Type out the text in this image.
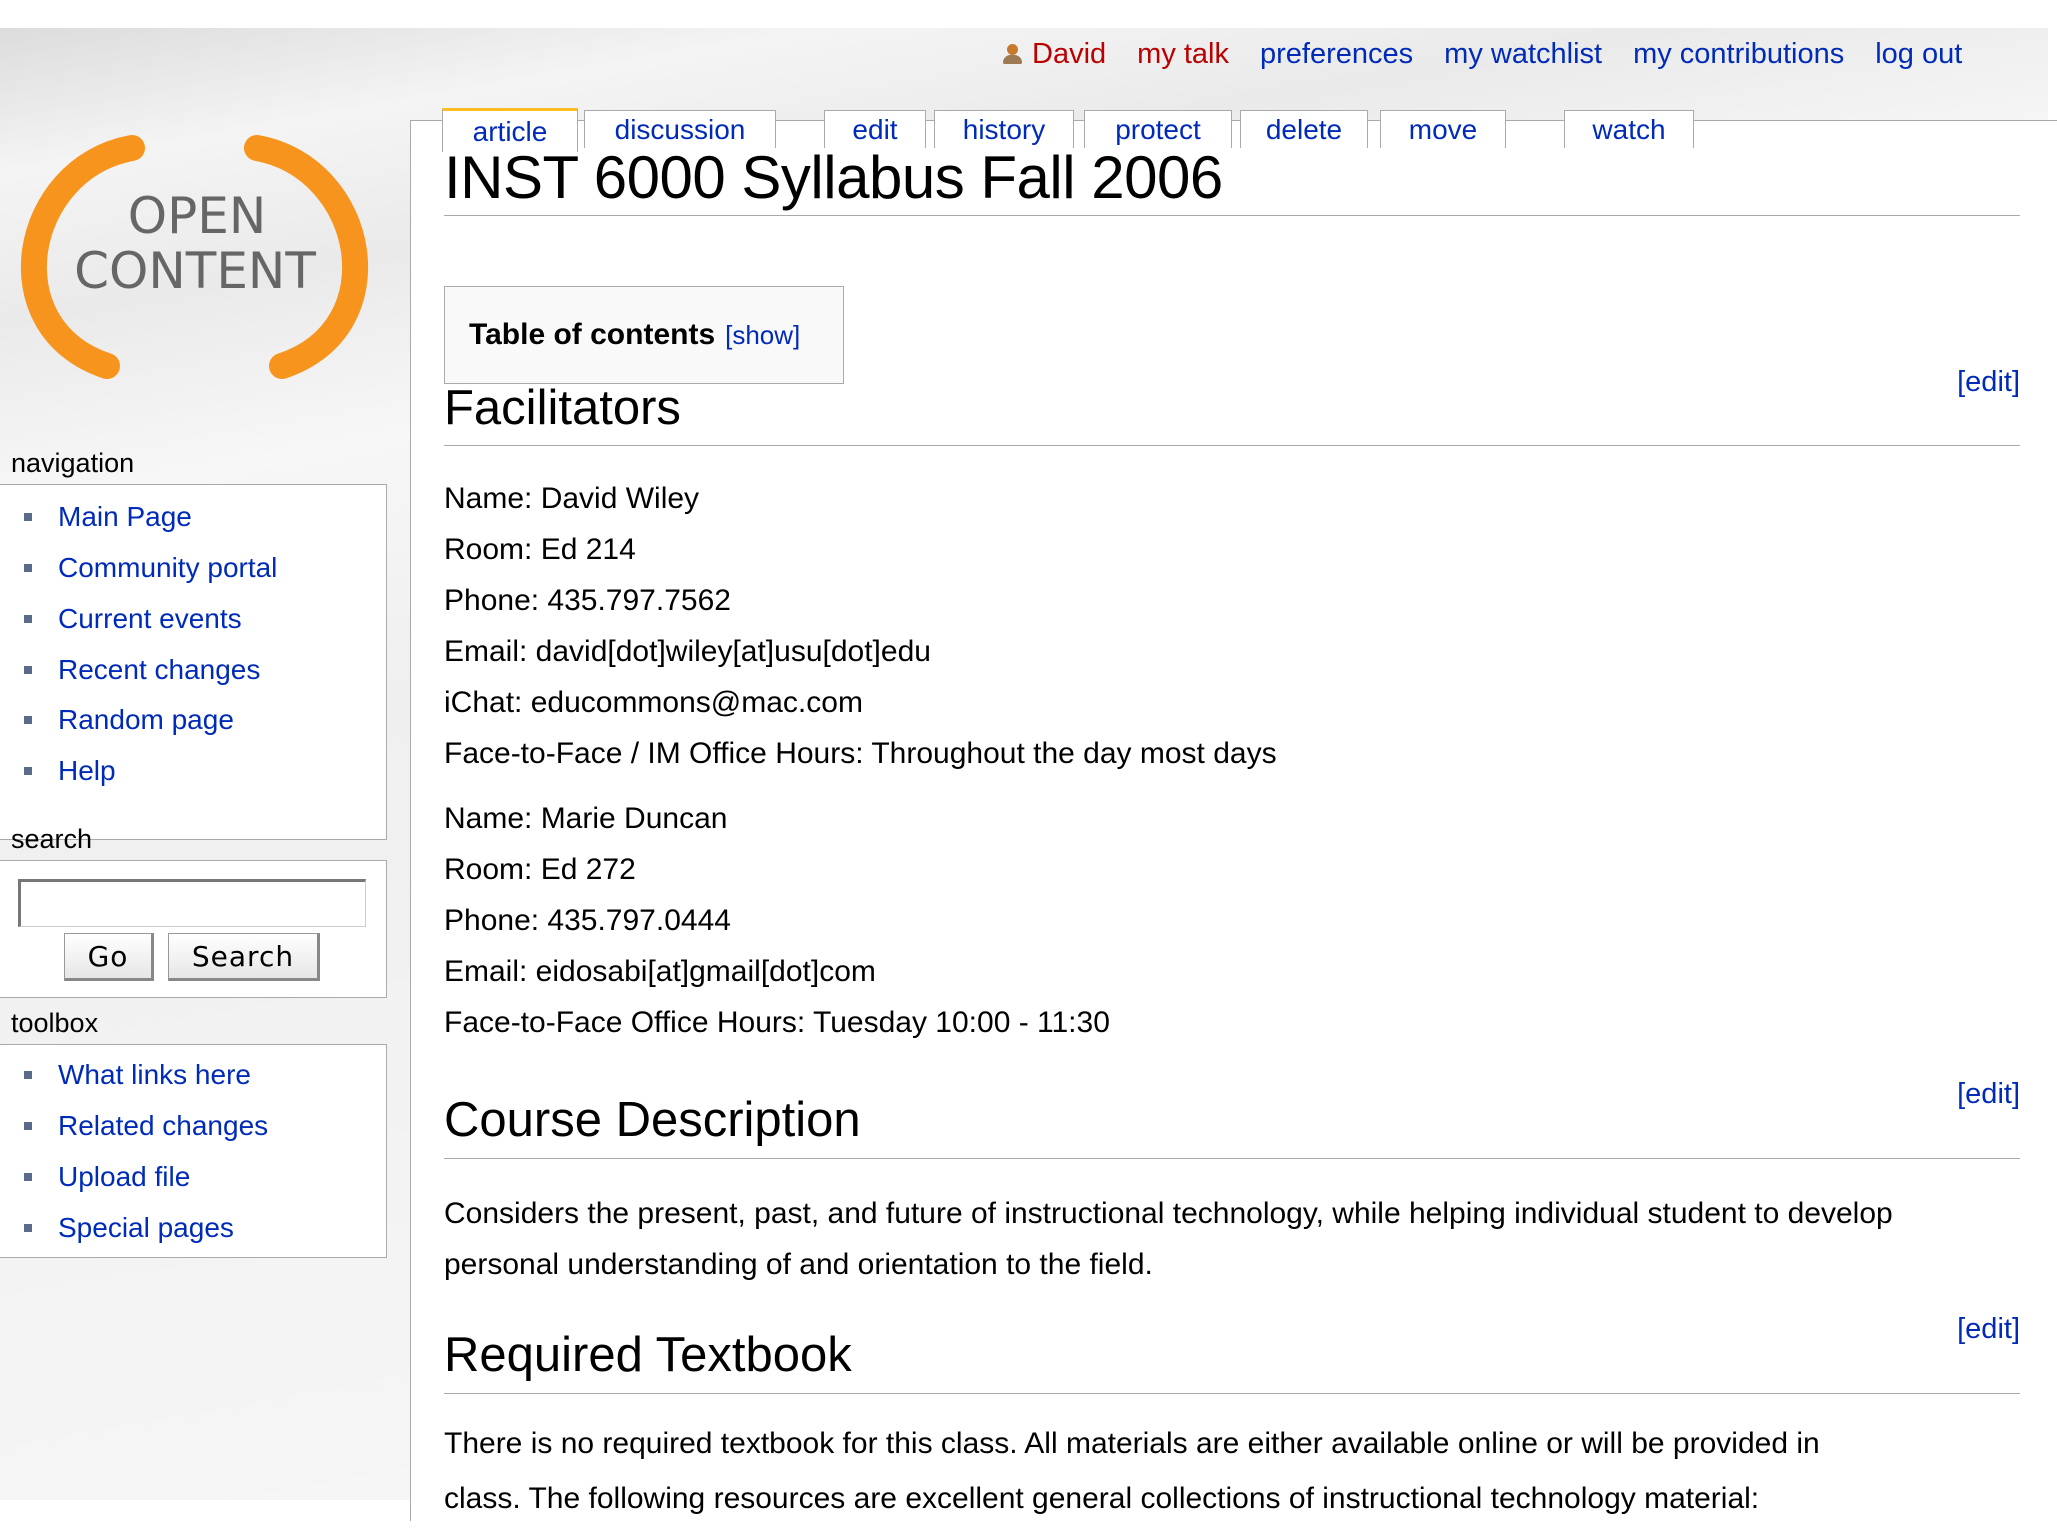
David my talk preferences my watchlist my contributions log out
article	discussion	edit	history	protect	delete	move	watch
OPEN
CONTENT
navigation
Main Page
Community portal
Current events
Recent changes
Random page
Help
search
Go	Search
toolbox
What links here
Related changes
Upload file
Special pages
INST 6000 Syllabus Fall 2006
Table of contents [show]
[edit]
Facilitators
Name: David Wiley
Room: Ed 214
Phone: 435.797.7562
Email: david[dot]wiley[at]usu[dot]edu
iChat: educommons@mac.com
Face-to-Face / IM Office Hours: Throughout the day most days
Name: Marie Duncan
Room: Ed 272
Phone: 435.797.0444
Email: eidosabi[at]gmail[dot]com
Face-to-Face Office Hours: Tuesday 10:00 - 11:30
[edit]
Course Description
Considers the present, past, and future of instructional technology, while helping individual student to develop personal understanding of and orientation to the field.
[edit]
Required Textbook
There is no required textbook for this class. All materials are either available online or will be provided in
class. The following resources are excellent general collections of instructional technology material:
